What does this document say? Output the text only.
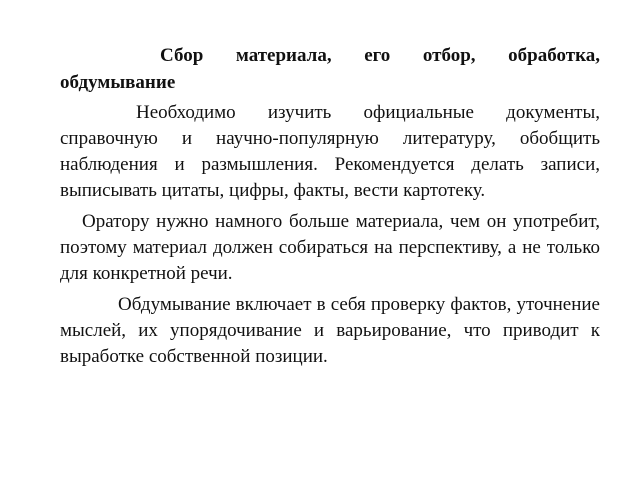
Сбор материала, его отбор, обработка, обдумывание

Необходимо изучить официальные документы, справочную и научно-популярную литературу, обобщить наблюдения и размышления. Рекомендуется делать записи, выписывать цитаты, цифры, факты, вести картотеку.

Оратору нужно намного больше материала, чем он употребит, поэтому материал должен собираться на перспективу, а не только для конкретной речи.

Обдумывание включает в себя проверку фактов, уточнение мыслей, их упорядочивание и варьирование, что приводит к выработке собственной позиции.
